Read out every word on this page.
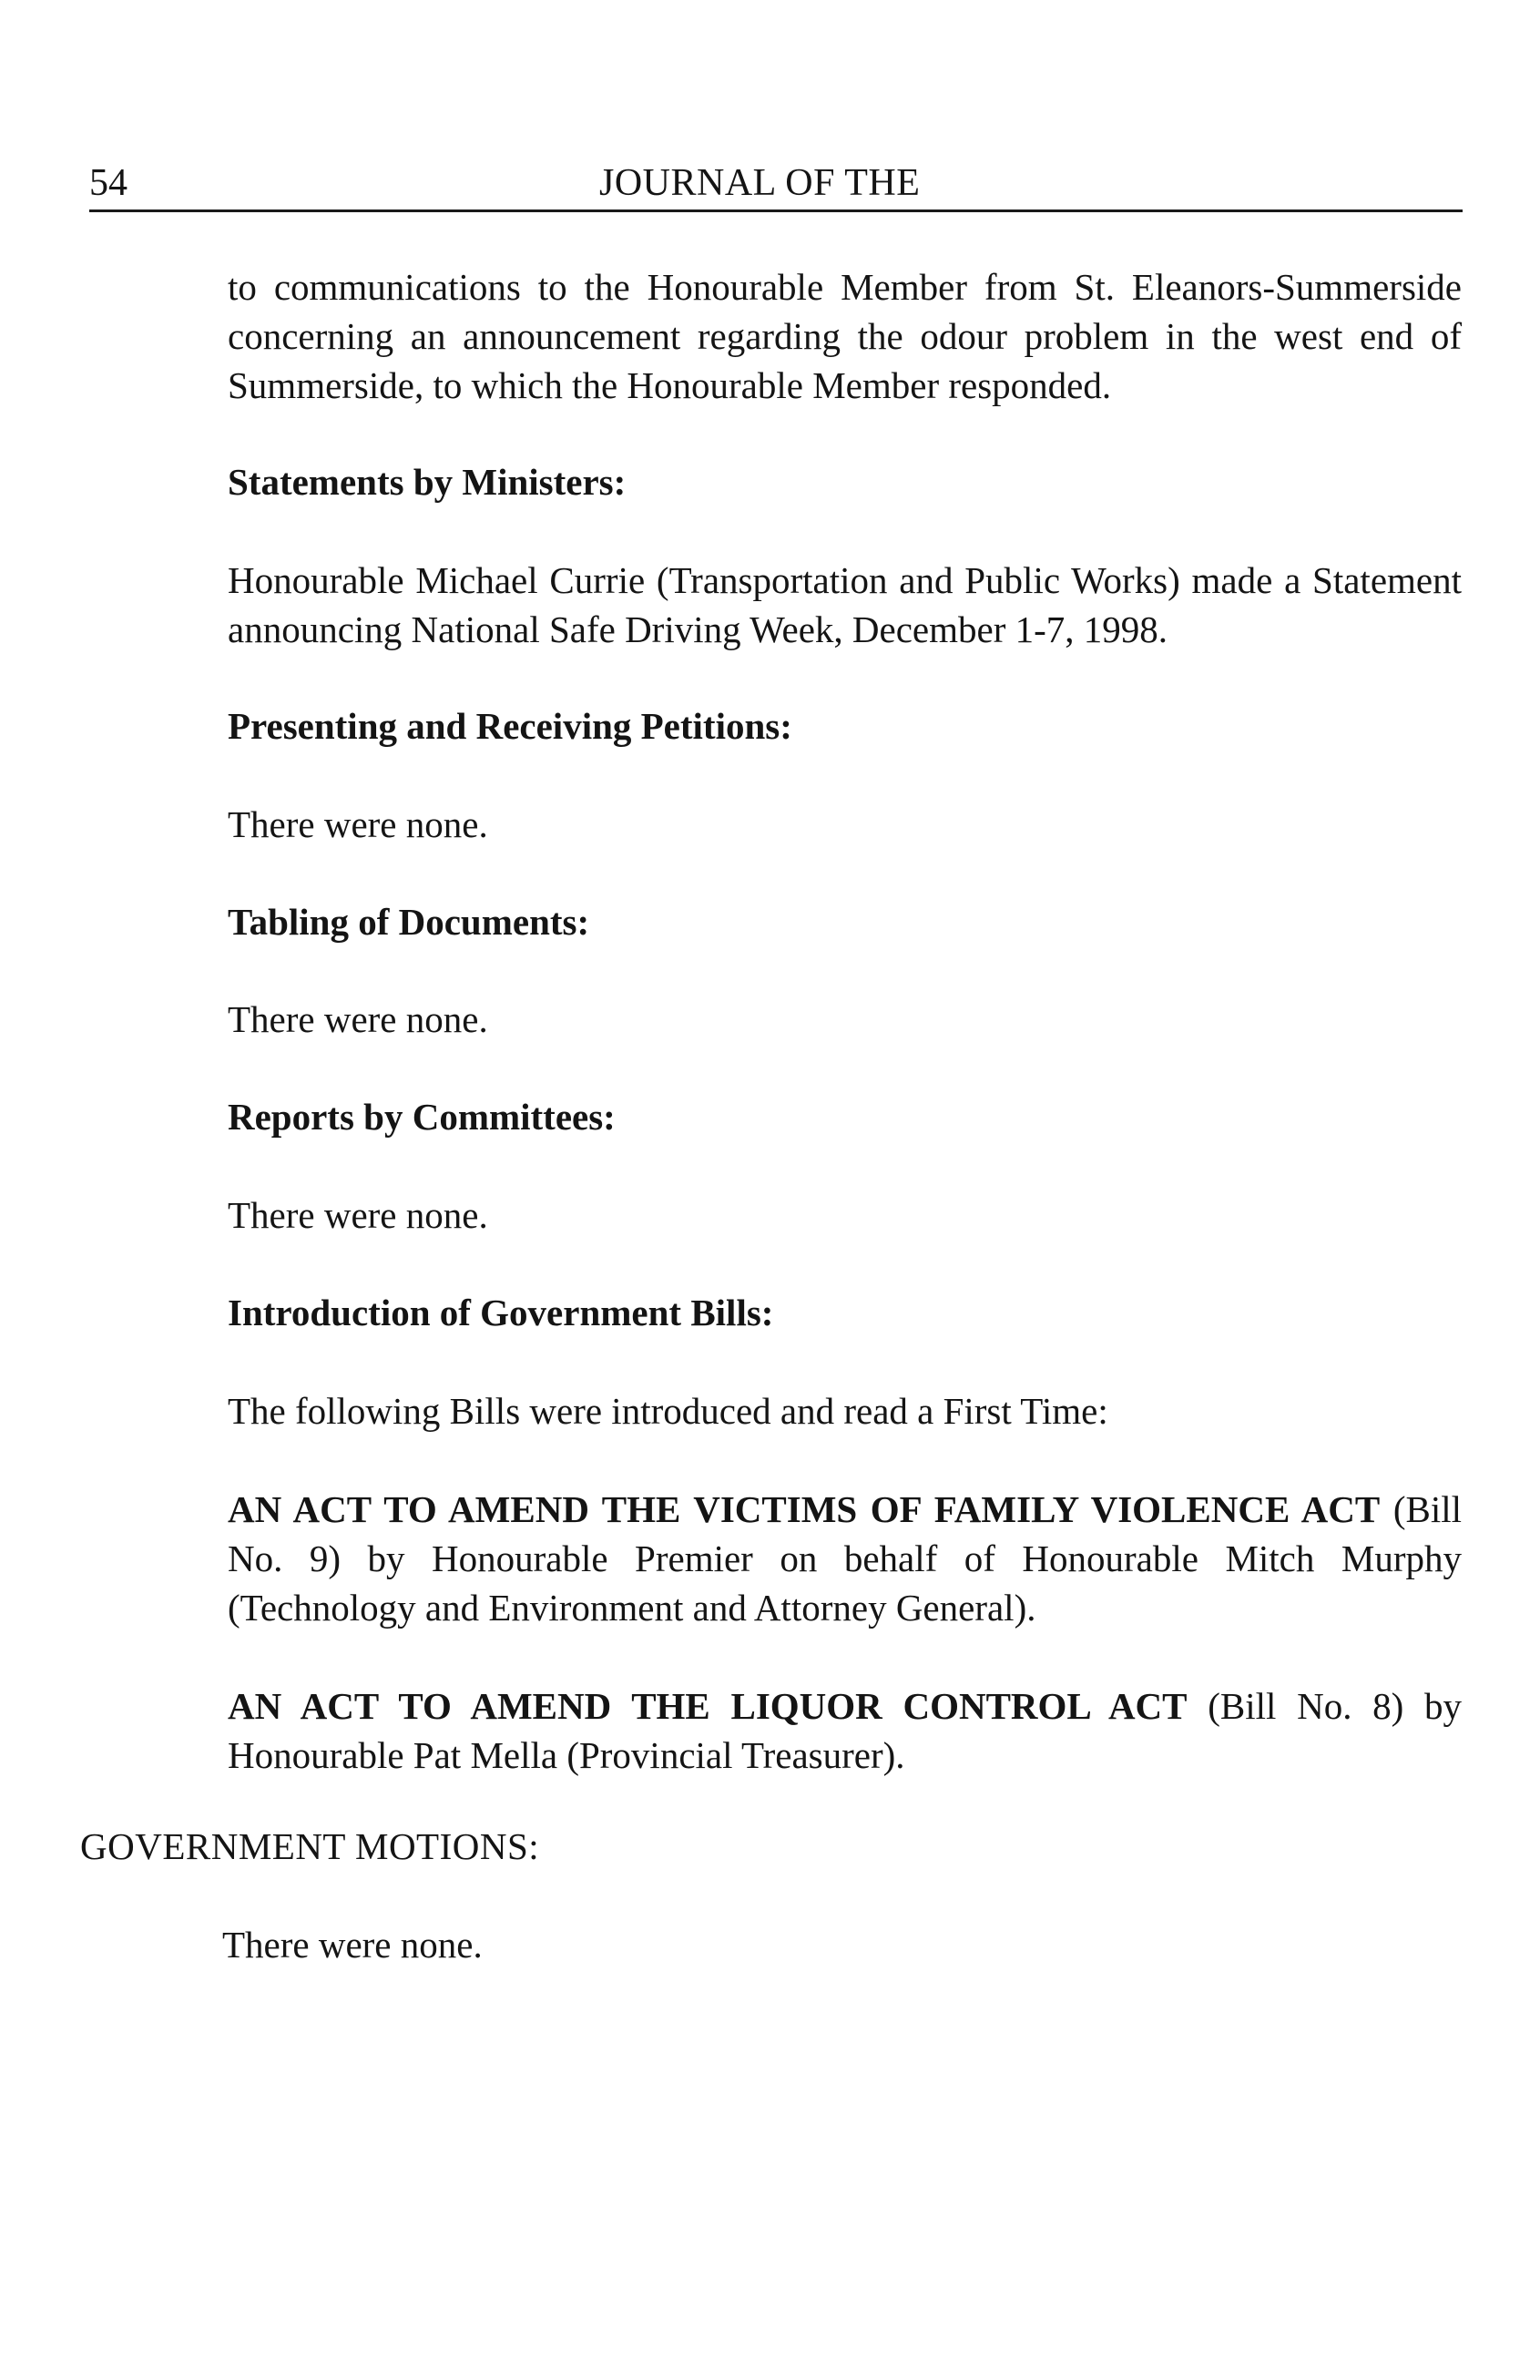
54	JOURNAL OF THE

to communications to the Honourable Member from St. Eleanors-Summerside concerning an announcement regarding the odour problem in the west end of Summerside, to which the Honourable Member responded.

Statements by Ministers:

Honourable Michael Currie (Transportation and Public Works) made a Statement announcing National Safe Driving Week, December 1-7, 1998.

Presenting and Receiving Petitions:

There were none.

Tabling of Documents:

There were none.

Reports by Committees:

There were none.

Introduction of Government Bills:

The following Bills were introduced and read a First Time:

AN ACT TO AMEND THE VICTIMS OF FAMILY VIOLENCE ACT (Bill No. 9) by Honourable Premier on behalf of Honourable Mitch Murphy (Technology and Environment and Attorney General).

AN ACT TO AMEND THE LIQUOR CONTROL ACT (Bill No. 8) by Honourable Pat Mella (Provincial Treasurer).

GOVERNMENT MOTIONS:

There were none.
